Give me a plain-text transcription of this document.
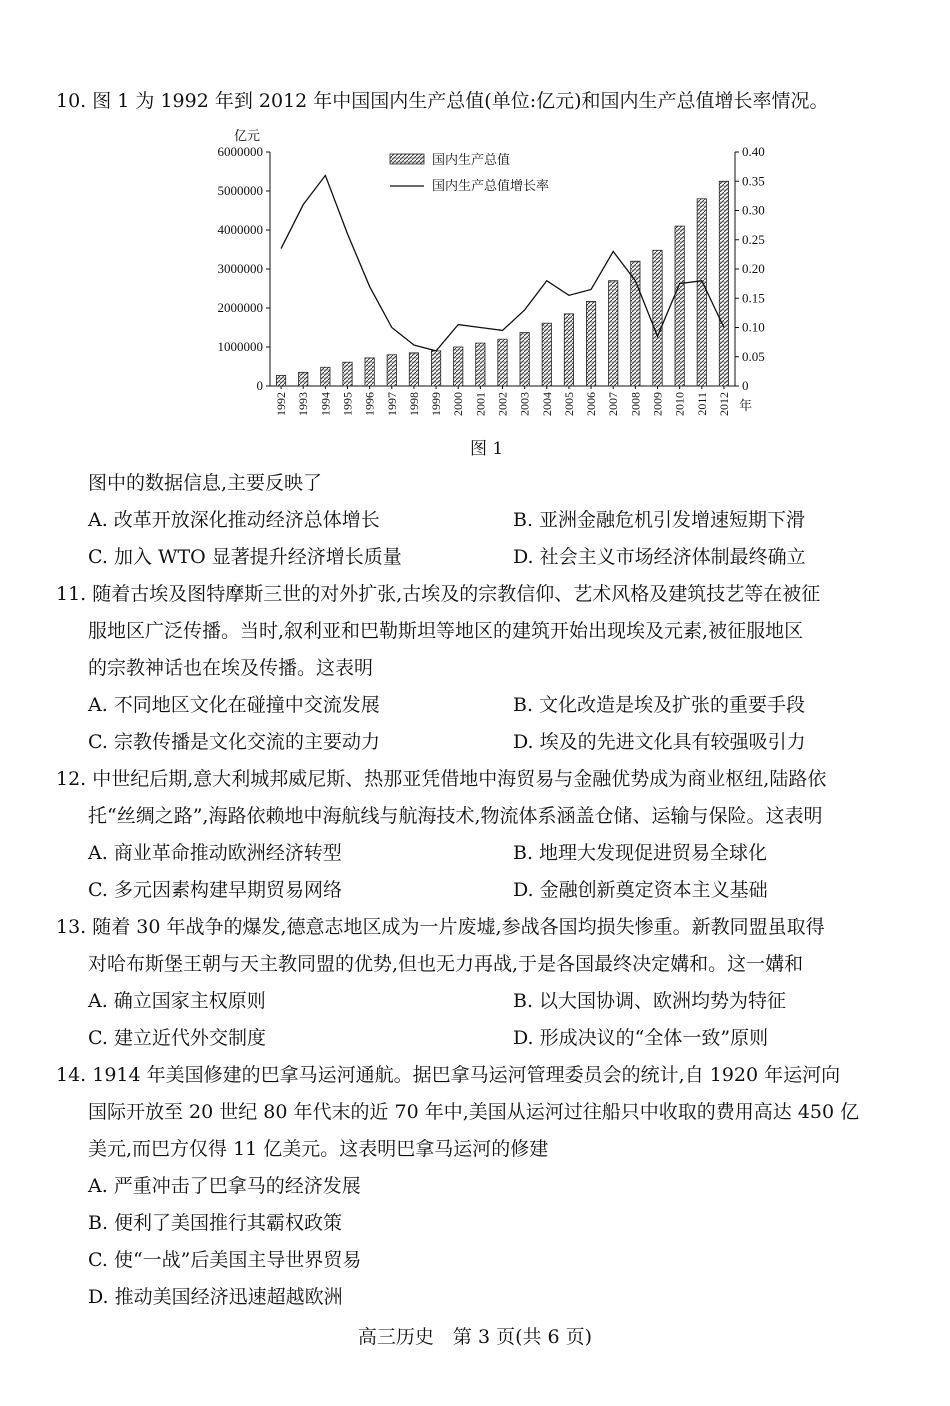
10. 图 1 为 1992 年到 2012 年中国国内生产总值(单位:亿元)和国内生产总值增长率情况。
0
1000000
2000000
3000000
4000000
5000000
6000000
0
0.05
0.10
0.15
0.20
0.25
0.30
0.35
0.40
亿元
年
1992 1993 1994 1995 1996 1997 1998 1999 2000 2001 2002 2003 2004 2005 2006 2007 2008 2009 2010 2011 2012
国内生产总值
国内生产总值增长率
图 1
图中的数据信息,主要反映了
A. 改革开放深化推动经济总体增长	B. 亚洲金融危机引发增速短期下滑
C. 加入 WTO 显著提升经济增长质量	D. 社会主义市场经济体制最终确立
11. 随着古埃及图特摩斯三世的对外扩张,古埃及的宗教信仰、艺术风格及建筑技艺等在被征
服地区广泛传播。当时,叙利亚和巴勒斯坦等地区的建筑开始出现埃及元素,被征服地区
的宗教神话也在埃及传播。这表明
A. 不同地区文化在碰撞中交流发展	B. 文化改造是埃及扩张的重要手段
C. 宗教传播是文化交流的主要动力	D. 埃及的先进文化具有较强吸引力
12. 中世纪后期,意大利城邦威尼斯、热那亚凭借地中海贸易与金融优势成为商业枢纽,陆路依
托“丝绸之路”,海路依赖地中海航线与航海技术,物流体系涵盖仓储、运输与保险。这表明
A. 商业革命推动欧洲经济转型	B. 地理大发现促进贸易全球化
C. 多元因素构建早期贸易网络	D. 金融创新奠定资本主义基础
13. 随着 30 年战争的爆发,德意志地区成为一片废墟,参战各国均损失惨重。新教同盟虽取得
对哈布斯堡王朝与天主教同盟的优势,但也无力再战,于是各国最终决定媾和。这一媾和
A. 确立国家主权原则	B. 以大国协调、欧洲均势为特征
C. 建立近代外交制度	D. 形成决议的“全体一致”原则
14. 1914 年美国修建的巴拿马运河通航。据巴拿马运河管理委员会的统计,自 1920 年运河向
国际开放至 20 世纪 80 年代末的近 70 年中,美国从运河过往船只中收取的费用高达 450 亿
美元,而巴方仅得 11 亿美元。这表明巴拿马运河的修建
A. 严重冲击了巴拿马的经济发展
B. 便利了美国推行其霸权政策
C. 使“一战”后美国主导世界贸易
D. 推动美国经济迅速超越欧洲
高三历史　第 3 页(共 6 页)
